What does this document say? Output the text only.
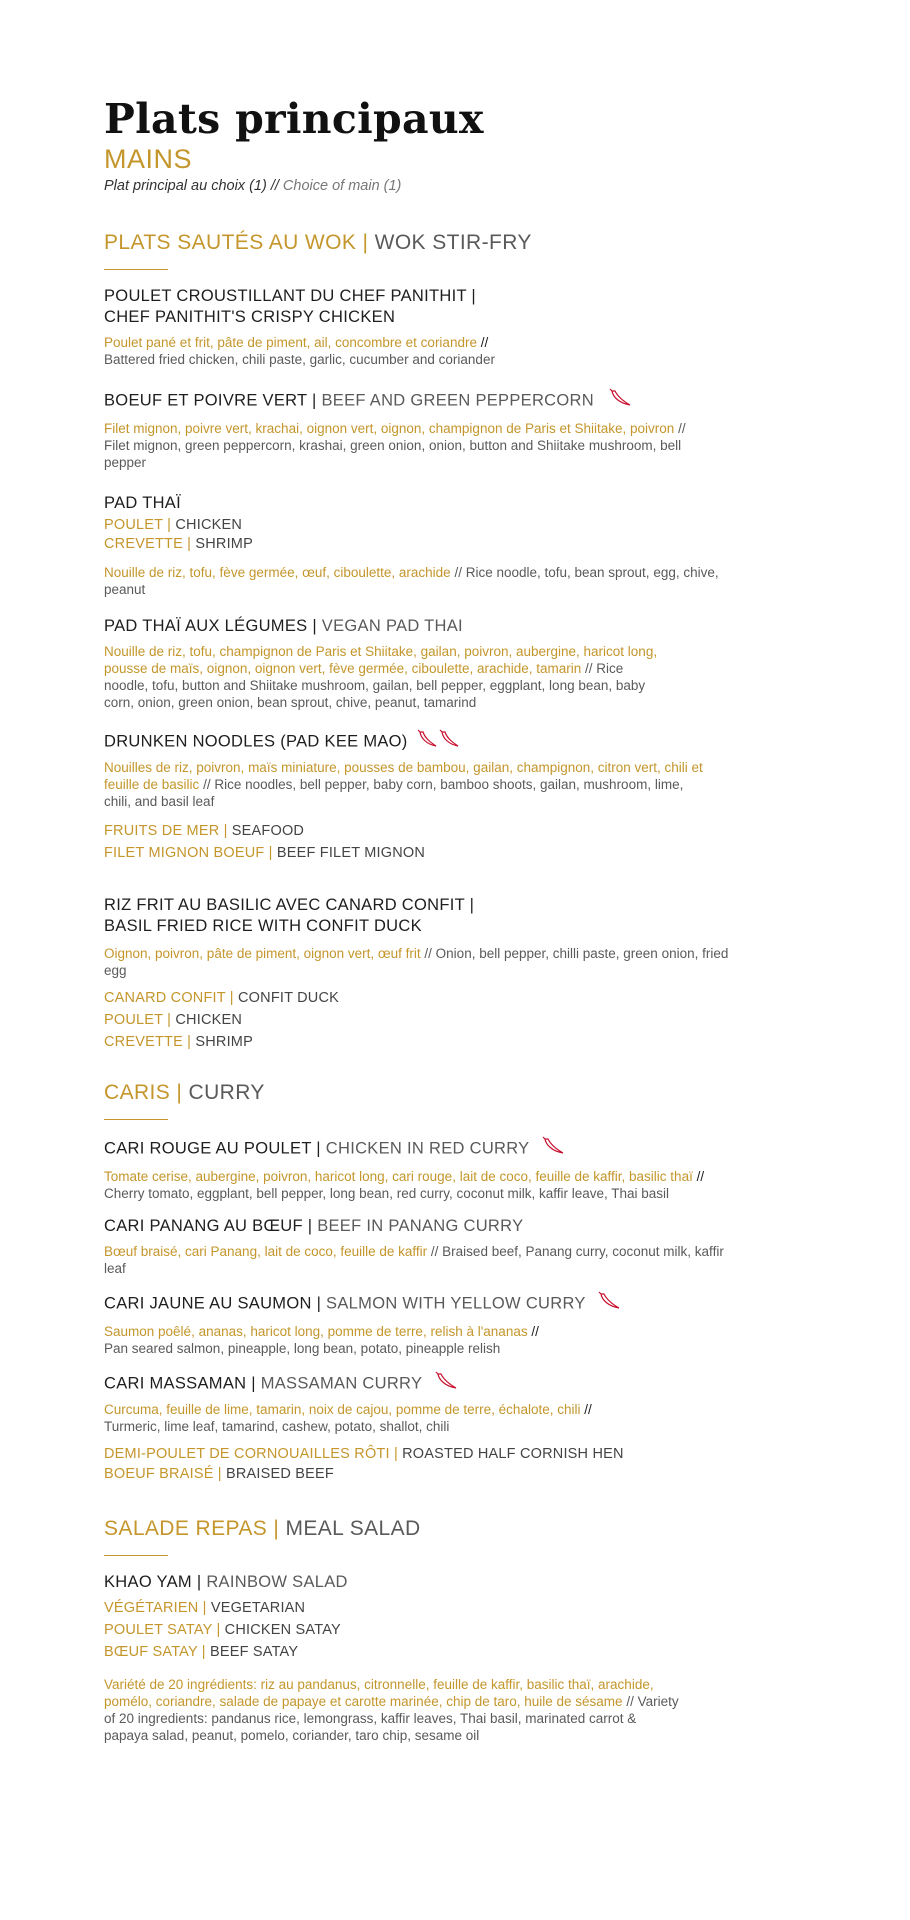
Plats principaux
MAINS
Plat principal au choix (1) // Choice of main (1)
PLATS SAUTÉS AU WOK | WOK STIR-FRY
POULET CROUSTILLANT DU CHEF PANITHIT |
CHEF PANITHIT'S CRISPY CHICKEN
Poulet pané et frit, pâte de piment, ail, concombre et coriandre //
Battered fried chicken, chili paste, garlic, cucumber and coriander
BOEUF ET POIVRE VERT | BEEF AND GREEN PEPPERCORN
Filet mignon, poivre vert, krachai, oignon vert, oignon, champignon de Paris et Shiitake, poivron // Filet mignon, green peppercorn, krashai, green onion, onion, button and Shiitake mushroom, bell pepper
PAD THAÏ
POULET | CHICKEN
CREVETTE | SHRIMP
Nouille de riz, tofu, fève germée, œuf, ciboulette, arachide // Rice noodle, tofu, bean sprout, egg, chive, peanut
PAD THAÏ AUX LÉGUMES | VEGAN PAD THAI
Nouille de riz, tofu, champignon de Paris et Shiitake, gailan, poivron, aubergine, haricot long, pousse de maïs, oignon, oignon vert, fève germée, ciboulette, arachide, tamarin // Rice noodle, tofu, button and Shiitake mushroom, gailan, bell pepper, eggplant, long bean, baby corn, onion, green onion, bean sprout, chive, peanut, tamarind
DRUNKEN NOODLES (PAD KEE MAO)
Nouilles de riz, poivron, maïs miniature, pousses de bambou, gailan, champignon, citron vert, chili et feuille de basilic // Rice noodles, bell pepper, baby corn, bamboo shoots, gailan, mushroom, lime, chili, and basil leaf
FRUITS DE MER | SEAFOOD
FILET MIGNON BOEUF | BEEF FILET MIGNON
RIZ FRIT AU BASILIC AVEC CANARD CONFIT |
BASIL FRIED RICE WITH CONFIT DUCK
Oignon, poivron, pâte de piment, oignon vert, œuf frit // Onion, bell pepper, chilli paste, green onion, fried egg
CANARD CONFIT | CONFIT DUCK
POULET | CHICKEN
CREVETTE | SHRIMP
CARIS | CURRY
CARI ROUGE AU POULET | CHICKEN IN RED CURRY
Tomate cerise, aubergine, poivron, haricot long, cari rouge, lait de coco, feuille de kaffir, basilic thaï //
Cherry tomato, eggplant, bell pepper, long bean, red curry, coconut milk, kaffir leave, Thai basil
CARI PANANG AU BŒUF | BEEF IN PANANG CURRY
Bœuf braisé, cari Panang, lait de coco, feuille de kaffir // Braised beef, Panang curry, coconut milk, kaffir leaf
CARI JAUNE AU SAUMON | SALMON WITH YELLOW CURRY
Saumon poêlé, ananas, haricot long, pomme de terre, relish à l'ananas //
Pan seared salmon, pineapple, long bean, potato, pineapple relish
CARI MASSAMAN | MASSAMAN CURRY
Curcuma, feuille de lime, tamarin, noix de cajou, pomme de terre, échalote, chili //
Turmeric, lime leaf, tamarind, cashew, potato, shallot, chili
DEMI-POULET DE CORNOUAILLES RÔTI | ROASTED HALF CORNISH HEN
BOEUF BRAISÉ | BRAISED BEEF
SALADE REPAS | MEAL SALAD
KHAO YAM | RAINBOW SALAD
VÉGÉTARIEN | VEGETARIAN
POULET SATAY | CHICKEN SATAY
BŒUF SATAY | BEEF SATAY
Variété de 20 ingrédients: riz au pandanus, citronnelle, feuille de kaffir, basilic thaï, arachide, pomélo, coriandre, salade de papaye et carotte marinée, chip de taro, huile de sésame // Variety of 20 ingredients: pandanus rice, lemongrass, kaffir leaves, Thai basil, marinated carrot & papaya salad, peanut, pomelo, coriander, taro chip, sesame oil
